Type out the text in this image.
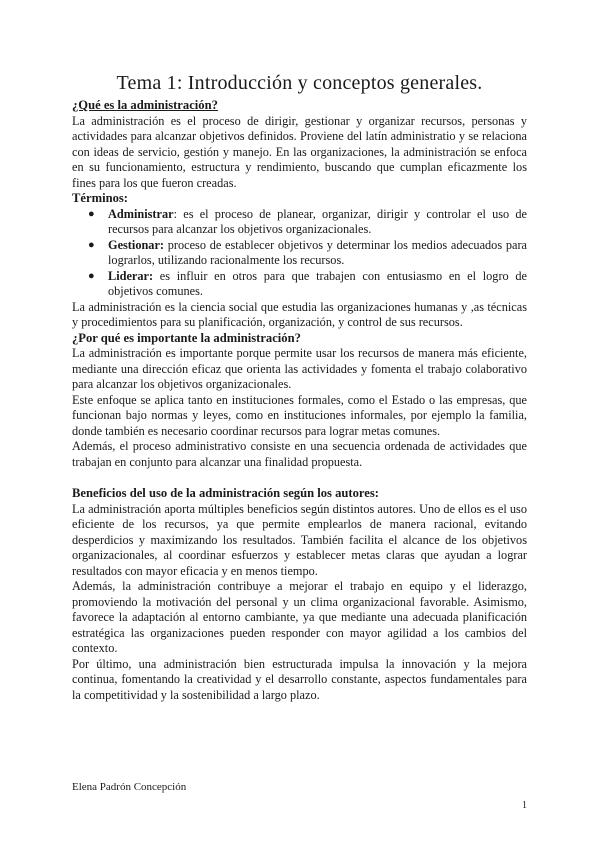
Tema 1: Introducción y conceptos generales.
¿Qué es la administración?

La administración es el proceso de dirigir, gestionar y organizar recursos, personas y actividades para alcanzar objetivos definidos. Proviene del latín administratio y se relaciona con ideas de servicio, gestión y manejo. En las organizaciones, la administración se enfoca en su funcionamiento, estructura y rendimiento, buscando que cumplan eficazmente los fines para los que fueron creadas.

Términos:
● Administrar: es el proceso de planear, organizar, dirigir y controlar el uso de recursos para alcanzar los objetivos organizacionales.
● Gestionar: proceso de establecer objetivos y determinar los medios adecuados para lograrlos, utilizando racionalmente los recursos.
● Liderar: es influir en otros para que trabajen con entusiasmo en el logro de objetivos comunes.

La administración es la ciencia social que estudia las organizaciones humanas y ,as técnicas y procedimientos para su planificación, organización, y control de sus recursos.

¿Por qué es importante la administración?

La administración es importante porque permite usar los recursos de manera más eficiente, mediante una dirección eficaz que orienta las actividades y fomenta el trabajo colaborativo para alcanzar los objetivos organizacionales.

Este enfoque se aplica tanto en instituciones formales, como el Estado o las empresas, que funcionan bajo normas y leyes, como en instituciones informales, por ejemplo la familia, donde también es necesario coordinar recursos para lograr metas comunes.

Además, el proceso administrativo consiste en una secuencia ordenada de actividades que trabajan en conjunto para alcanzar una finalidad propuesta.

Beneficios del uso de la administración según los autores:

La administración aporta múltiples beneficios según distintos autores. Uno de ellos es el uso eficiente de los recursos, ya que permite emplearlos de manera racional, evitando desperdicios y maximizando los resultados. También facilita el alcance de los objetivos organizacionales, al coordinar esfuerzos y establecer metas claras que ayudan a lograr resultados con mayor eficacia y en menos tiempo.

Además, la administración contribuye a mejorar el trabajo en equipo y el liderazgo, promoviendo la motivación del personal y un clima organizacional favorable. Asimismo, favorece la adaptación al entorno cambiante, ya que mediante una adecuada planificación estratégica las organizaciones pueden responder con mayor agilidad a los cambios del contexto.

Por último, una administración bien estructurada impulsa la innovación y la mejora continua, fomentando la creatividad y el desarrollo constante, aspectos fundamentales para la competitividad y la sostenibilidad a largo plazo.

Elena Padrón Concepción
1
